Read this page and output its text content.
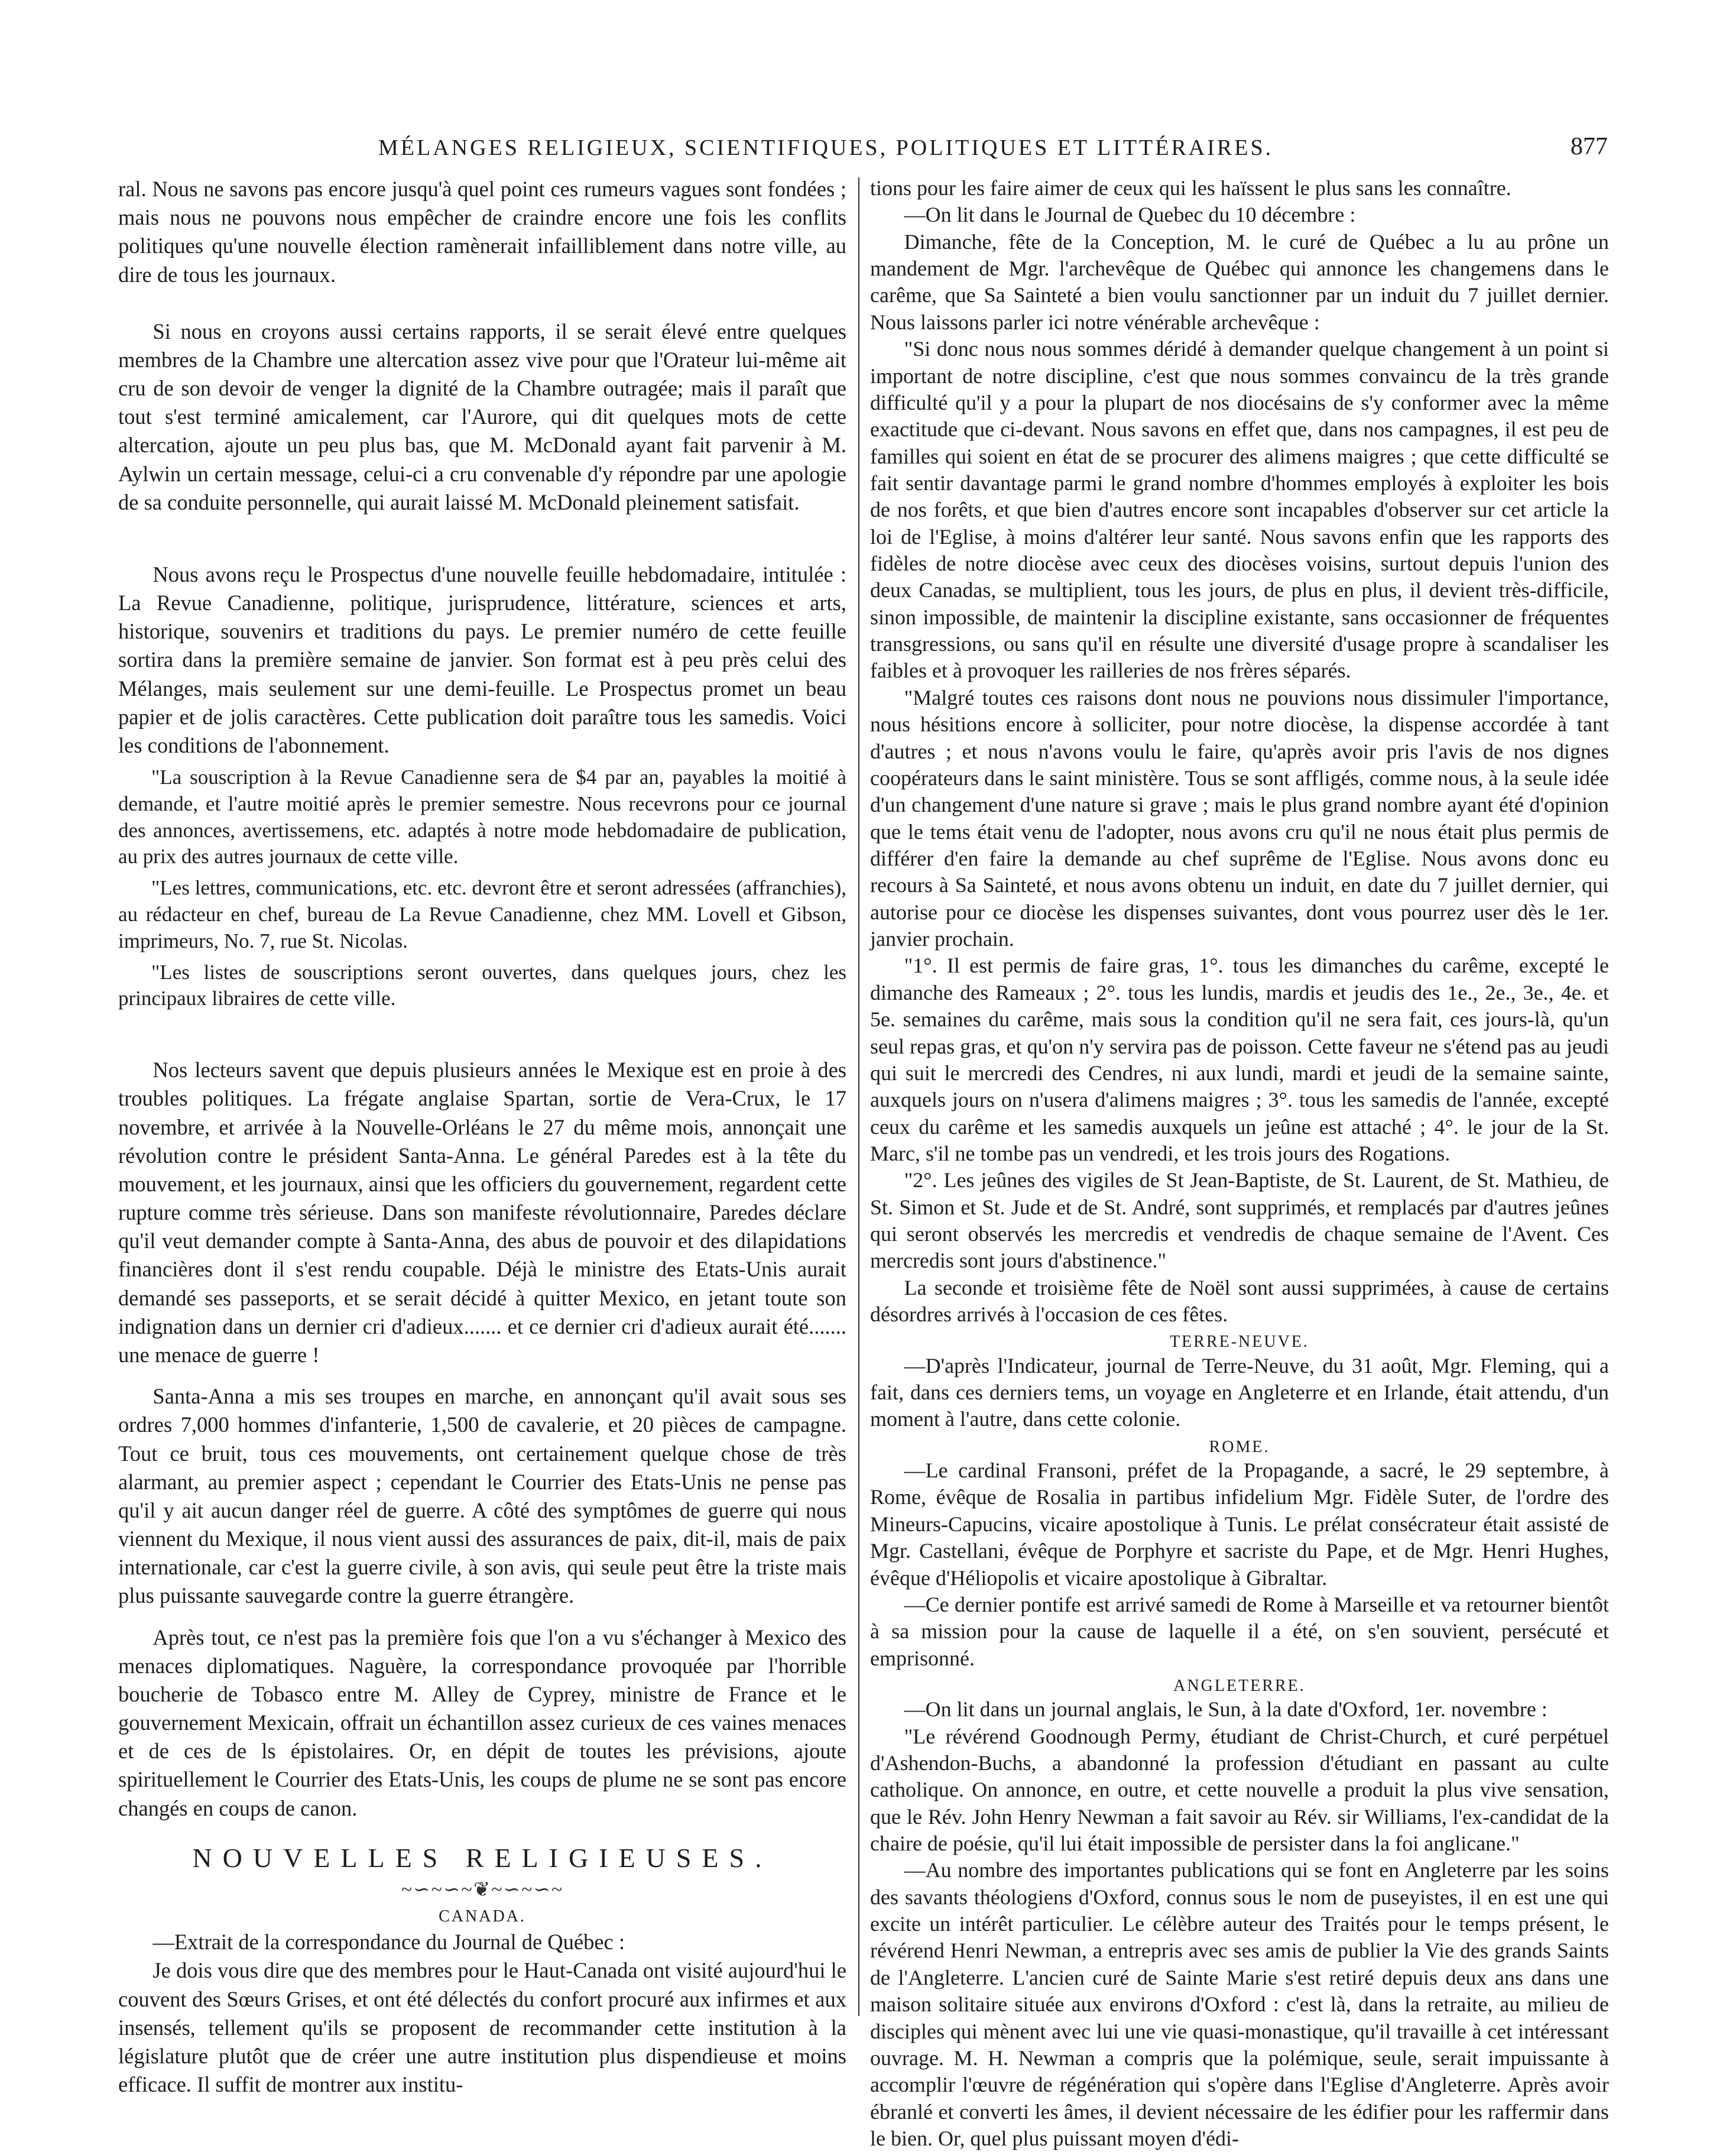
MÉLANGES RELIGIEUX, SCIENTIFIQUES, POLITIQUES ET LITTÉRAIRES.	877

ral. Nous ne savons pas encore jusqu'à quel point ces rumeurs vagues sont fondées ; mais nous ne pouvons nous empêcher de craindre encore une fois les conflits politiques qu'une nouvelle élection ramènerait infailliblement dans notre ville, au dire de tous les journaux.

Si nous en croyons aussi certains rapports, il se serait élevé entre quelques membres de la Chambre une altercation assez vive pour que l'Orateur lui-même ait cru de son devoir de venger la dignité de la Chambre outragée; mais il paraît que tout s'est terminé amicalement, car l'Aurore, qui dit quelques mots de cette altercation, ajoute un peu plus bas, que M. McDonald ayant fait parvenir à M. Aylwin un certain message, celui-ci a cru convenable d'y répondre par une apologie de sa conduite personnelle, qui aurait laissé M. McDonald pleinement satisfait.

Nous avons reçu le Prospectus d'une nouvelle feuille hebdomadaire, intitulée : La Revue Canadienne, politique, jurisprudence, littérature, sciences et arts, historique, souvenirs et traditions du pays. Le premier numéro de cette feuille sortira dans la première semaine de janvier. Son format est à peu près celui des Mélanges, mais seulement sur une demi-feuille. Le Prospectus promet un beau papier et de jolis caractères. Cette publication doit paraître tous les samedis. Voici les conditions de l'abonnement.

"La souscription à la Revue Canadienne sera de $4 par an, payables la moitié à demande, et l'autre moitié après le premier semestre. Nous recevrons pour ce journal des annonces, avertissemens, etc. adaptés à notre mode hebdomadaire de publication, au prix des autres journaux de cette ville.
"Les lettres, communications, etc. etc. devront être et seront adressées (affranchies), au rédacteur en chef, bureau de La Revue Canadienne, chez MM. Lovell et Gibson, imprimeurs, No. 7, rue St. Nicolas.
"Les listes de souscriptions seront ouvertes, dans quelques jours, chez les principaux libraires de cette ville.

Nos lecteurs savent que depuis plusieurs années le Mexique est en proie à des troubles politiques. La frégate anglaise Spartan, sortie de Vera-Crux, le 17 novembre, et arrivée à la Nouvelle-Orléans le 27 du même mois, annonçait une révolution contre le président Santa-Anna. Le général Paredes est à la tête du mouvement, et les journaux, ainsi que les officiers du gouvernement, regardent cette rupture comme très sérieuse. Dans son manifeste révolutionnaire, Paredes déclare qu'il veut demander compte à Santa-Anna, des abus de pouvoir et des dilapidations financières dont il s'est rendu coupable. Déjà le ministre des Etats-Unis aurait demandé ses passeports, et se serait décidé à quitter Mexico, en jetant toute son indignation dans un dernier cri d'adieux....... et ce dernier cri d'adieux aurait été....... une menace de guerre !

Santa-Anna a mis ses troupes en marche, en annonçant qu'il avait sous ses ordres 7,000 hommes d'infanterie, 1,500 de cavalerie, et 20 pièces de campagne. Tout ce bruit, tous ces mouvements, ont certainement quelque chose de très alarmant, au premier aspect ; cependant le Courrier des Etats-Unis ne pense pas qu'il y ait aucun danger réel de guerre. A côté des symptômes de guerre qui nous viennent du Mexique, il nous vient aussi des assurances de paix, dit-il, mais de paix internationale, car c'est la guerre civile, à son avis, qui seule peut être la triste mais plus puissante sauvegarde contre la guerre étrangère.

Après tout, ce n'est pas la première fois que l'on a vu s'échanger à Mexico des menaces diplomatiques. Naguère, la correspondance provoquée par l'horrible boucherie de Tobasco entre M. Alley de Cyprey, ministre de France et le gouvernement Mexicain, offrait un échantillon assez curieux de ces vaines menaces et de ces de ls épistolaires. Or, en dépit de toutes les prévisions, ajoute spirituellement le Courrier des Etats-Unis, les coups de plume ne se sont pas encore changés en coups de canon.

NOUVELLES RELIGIEUSES.
~∽~∽~❦~∽~∽~
CANADA.

—Extrait de la correspondance du Journal de Québec :

Je dois vous dire que des membres pour le Haut-Canada ont visité aujourd'hui le couvent des Sœurs Grises, et ont été délectés du confort procuré aux infirmes et aux insensés, tellement qu'ils se proposent de recommander cette institution à la législature plutôt que de créer une autre institution plus dispendieuse et moins efficace. Il suffit de montrer aux institu-

tions pour les faire aimer de ceux qui les haïssent le plus sans les connaître.

—On lit dans le Journal de Quebec du 10 décembre :

Dimanche, fête de la Conception, M. le curé de Québec a lu au prône un mandement de Mgr. l'archevêque de Québec qui annonce les changemens dans le carême, que Sa Sainteté a bien voulu sanctionner par un induit du 7 juillet dernier. Nous laissons parler ici notre vénérable archevêque :

"Si donc nous nous sommes déridé à demander quelque changement à un point si important de notre discipline, c'est que nous sommes convaincu de la très grande difficulté qu'il y a pour la plupart de nos diocésains de s'y conformer avec la même exactitude que ci-devant. Nous savons en effet que, dans nos campagnes, il est peu de familles qui soient en état de se procurer des alimens maigres ; que cette difficulté se fait sentir davantage parmi le grand nombre d'hommes employés à exploiter les bois de nos forêts, et que bien d'autres encore sont incapables d'observer sur cet article la loi de l'Eglise, à moins d'altérer leur santé. Nous savons enfin que les rapports des fidèles de notre diocèse avec ceux des diocèses voisins, surtout depuis l'union des deux Canadas, se multiplient, tous les jours, de plus en plus, il devient très-difficile, sinon impossible, de maintenir la discipline existante, sans occasionner de fréquentes transgressions, ou sans qu'il en résulte une diversité d'usage propre à scandaliser les faibles et à provoquer les railleries de nos frères séparés.

"Malgré toutes ces raisons dont nous ne pouvions nous dissimuler l'importance, nous hésitions encore à solliciter, pour notre diocèse, la dispense accordée à tant d'autres ; et nous n'avons voulu le faire, qu'après avoir pris l'avis de nos dignes coopérateurs dans le saint ministère. Tous se sont affligés, comme nous, à la seule idée d'un changement d'une nature si grave ; mais le plus grand nombre ayant été d'opinion que le tems était venu de l'adopter, nous avons cru qu'il ne nous était plus permis de différer d'en faire la demande au chef suprême de l'Eglise. Nous avons donc eu recours à Sa Sainteté, et nous avons obtenu un induit, en date du 7 juillet dernier, qui autorise pour ce diocèse les dispenses suivantes, dont vous pourrez user dès le 1er. janvier prochain.

"1°. Il est permis de faire gras, 1°. tous les dimanches du carême, excepté le dimanche des Rameaux ; 2°. tous les lundis, mardis et jeudis des 1e., 2e., 3e., 4e. et 5e. semaines du carême, mais sous la condition qu'il ne sera fait, ces jours-là, qu'un seul repas gras, et qu'on n'y servira pas de poisson. Cette faveur ne s'étend pas au jeudi qui suit le mercredi des Cendres, ni aux lundi, mardi et jeudi de la semaine sainte, auxquels jours on n'usera d'alimens maigres ; 3°. tous les samedis de l'année, excepté ceux du carême et les samedis auxquels un jeûne est attaché ; 4°. le jour de la St. Marc, s'il ne tombe pas un vendredi, et les trois jours des Rogations.

"2°. Les jeûnes des vigiles de St Jean-Baptiste, de St. Laurent, de St. Mathieu, de St. Simon et St. Jude et de St. André, sont supprimés, et remplacés par d'autres jeûnes qui seront observés les mercredis et vendredis de chaque semaine de l'Avent. Ces mercredis sont jours d'abstinence."

La seconde et troisième fête de Noël sont aussi supprimées, à cause de certains désordres arrivés à l'occasion de ces fêtes.

TERRE-NEUVE.

—D'après l'Indicateur, journal de Terre-Neuve, du 31 août, Mgr. Fleming, qui a fait, dans ces derniers tems, un voyage en Angleterre et en Irlande, était attendu, d'un moment à l'autre, dans cette colonie.

ROME.

—Le cardinal Fransoni, préfet de la Propagande, a sacré, le 29 septembre, à Rome, évêque de Rosalia in partibus infidelium Mgr. Fidèle Suter, de l'ordre des Mineurs-Capucins, vicaire apostolique à Tunis. Le prélat consécrateur était assisté de Mgr. Castellani, évêque de Porphyre et sacriste du Pape, et de Mgr. Henri Hughes, évêque d'Héliopolis et vicaire apostolique à Gibraltar.

—Ce dernier pontife est arrivé samedi de Rome à Marseille et va retourner bientôt à sa mission pour la cause de laquelle il a été, on s'en souvient, persécuté et emprisonné.

ANGLETERRE.

—On lit dans un journal anglais, le Sun, à la date d'Oxford, 1er. novembre :

"Le révérend Goodnough Permy, étudiant de Christ-Church, et curé perpétuel d'Ashendon-Buchs, a abandonné la profession d'étudiant en passant au culte catholique. On annonce, en outre, et cette nouvelle a produit la plus vive sensation, que le Rév. John Henry Newman a fait savoir au Rév. sir Williams, l'ex-candidat de la chaire de poésie, qu'il lui était impossible de persister dans la foi anglicane."

—Au nombre des importantes publications qui se font en Angleterre par les soins des savants théologiens d'Oxford, connus sous le nom de puseyistes, il en est une qui excite un intérêt particulier. Le célèbre auteur des Traités pour le temps présent, le révérend Henri Newman, a entrepris avec ses amis de publier la Vie des grands Saints de l'Angleterre. L'ancien curé de Sainte Marie s'est retiré depuis deux ans dans une maison solitaire située aux environs d'Oxford : c'est là, dans la retraite, au milieu de disciples qui mènent avec lui une vie quasi-monastique, qu'il travaille à cet intéressant ouvrage. M. H. Newman a compris que la polémique, seule, serait impuissante à accomplir l'œuvre de régénération qui s'opère dans l'Eglise d'Angleterre. Après avoir ébranlé et converti les âmes, il devient nécessaire de les édifier pour les raffermir dans le bien. Or, quel plus puissant moyen d'édi-
